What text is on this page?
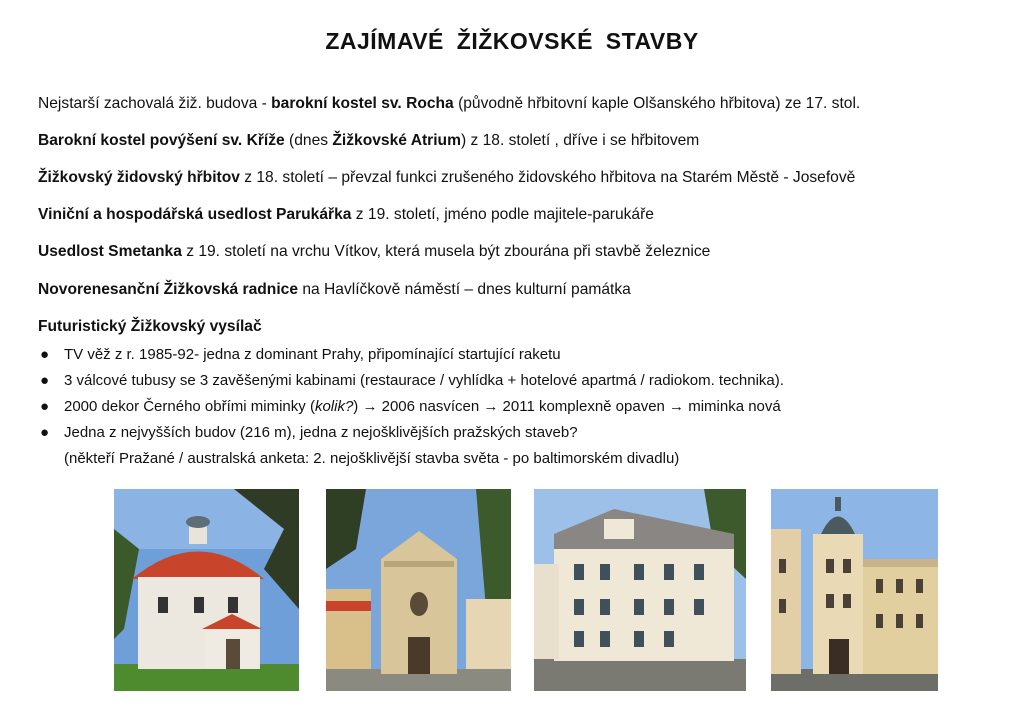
ZAJÍMAVÉ ŽIŽKOVSKÉ STAVBY
Nejstarší zachovalá žiž. budova - barokní kostel sv. Rocha (původně hřbitovní kaple Olšanského hřbitova) ze 17. stol.
Barokní kostel povýšení sv. Kříže (dnes Žižkovské Atrium) z 18. století , dříve i se hřbitovem
Žižkovský židovský hřbitov z 18. století – převzal funkci zrušeného židovského hřbitova na Starém Městě - Josefově
Viniční a hospodářská usedlost Parukářka z 19. století, jméno podle majitele-parukáře
Usedlost Smetanka z 19. století na vrchu Vítkov, která musela být zbourána při stavbě železnice
Novorenesanční Žižkovská radnice na Havlíčkově náměstí – dnes kulturní památka
Futuristický Žižkovský vysílač
● TV věž z r. 1985-92- jedna z dominant Prahy, připomínající startující raketu
● 3 válcové tubusy se 3 zavěšenými kabinami (restaurace / vyhlídka + hotelové apartmá / radiokom. technika).
● 2000 dekor Černého obřími miminky (kolik?) → 2006 nasvícen → 2011 komplexně opaven → miminka nová
● Jedna z nejvyšších budov (216 m), jedna z nejošklivějších pražských staveb?
(někteří Pražané / australská anketa: 2. nejošklivější stavba světa - po baltimorském divadlu)
